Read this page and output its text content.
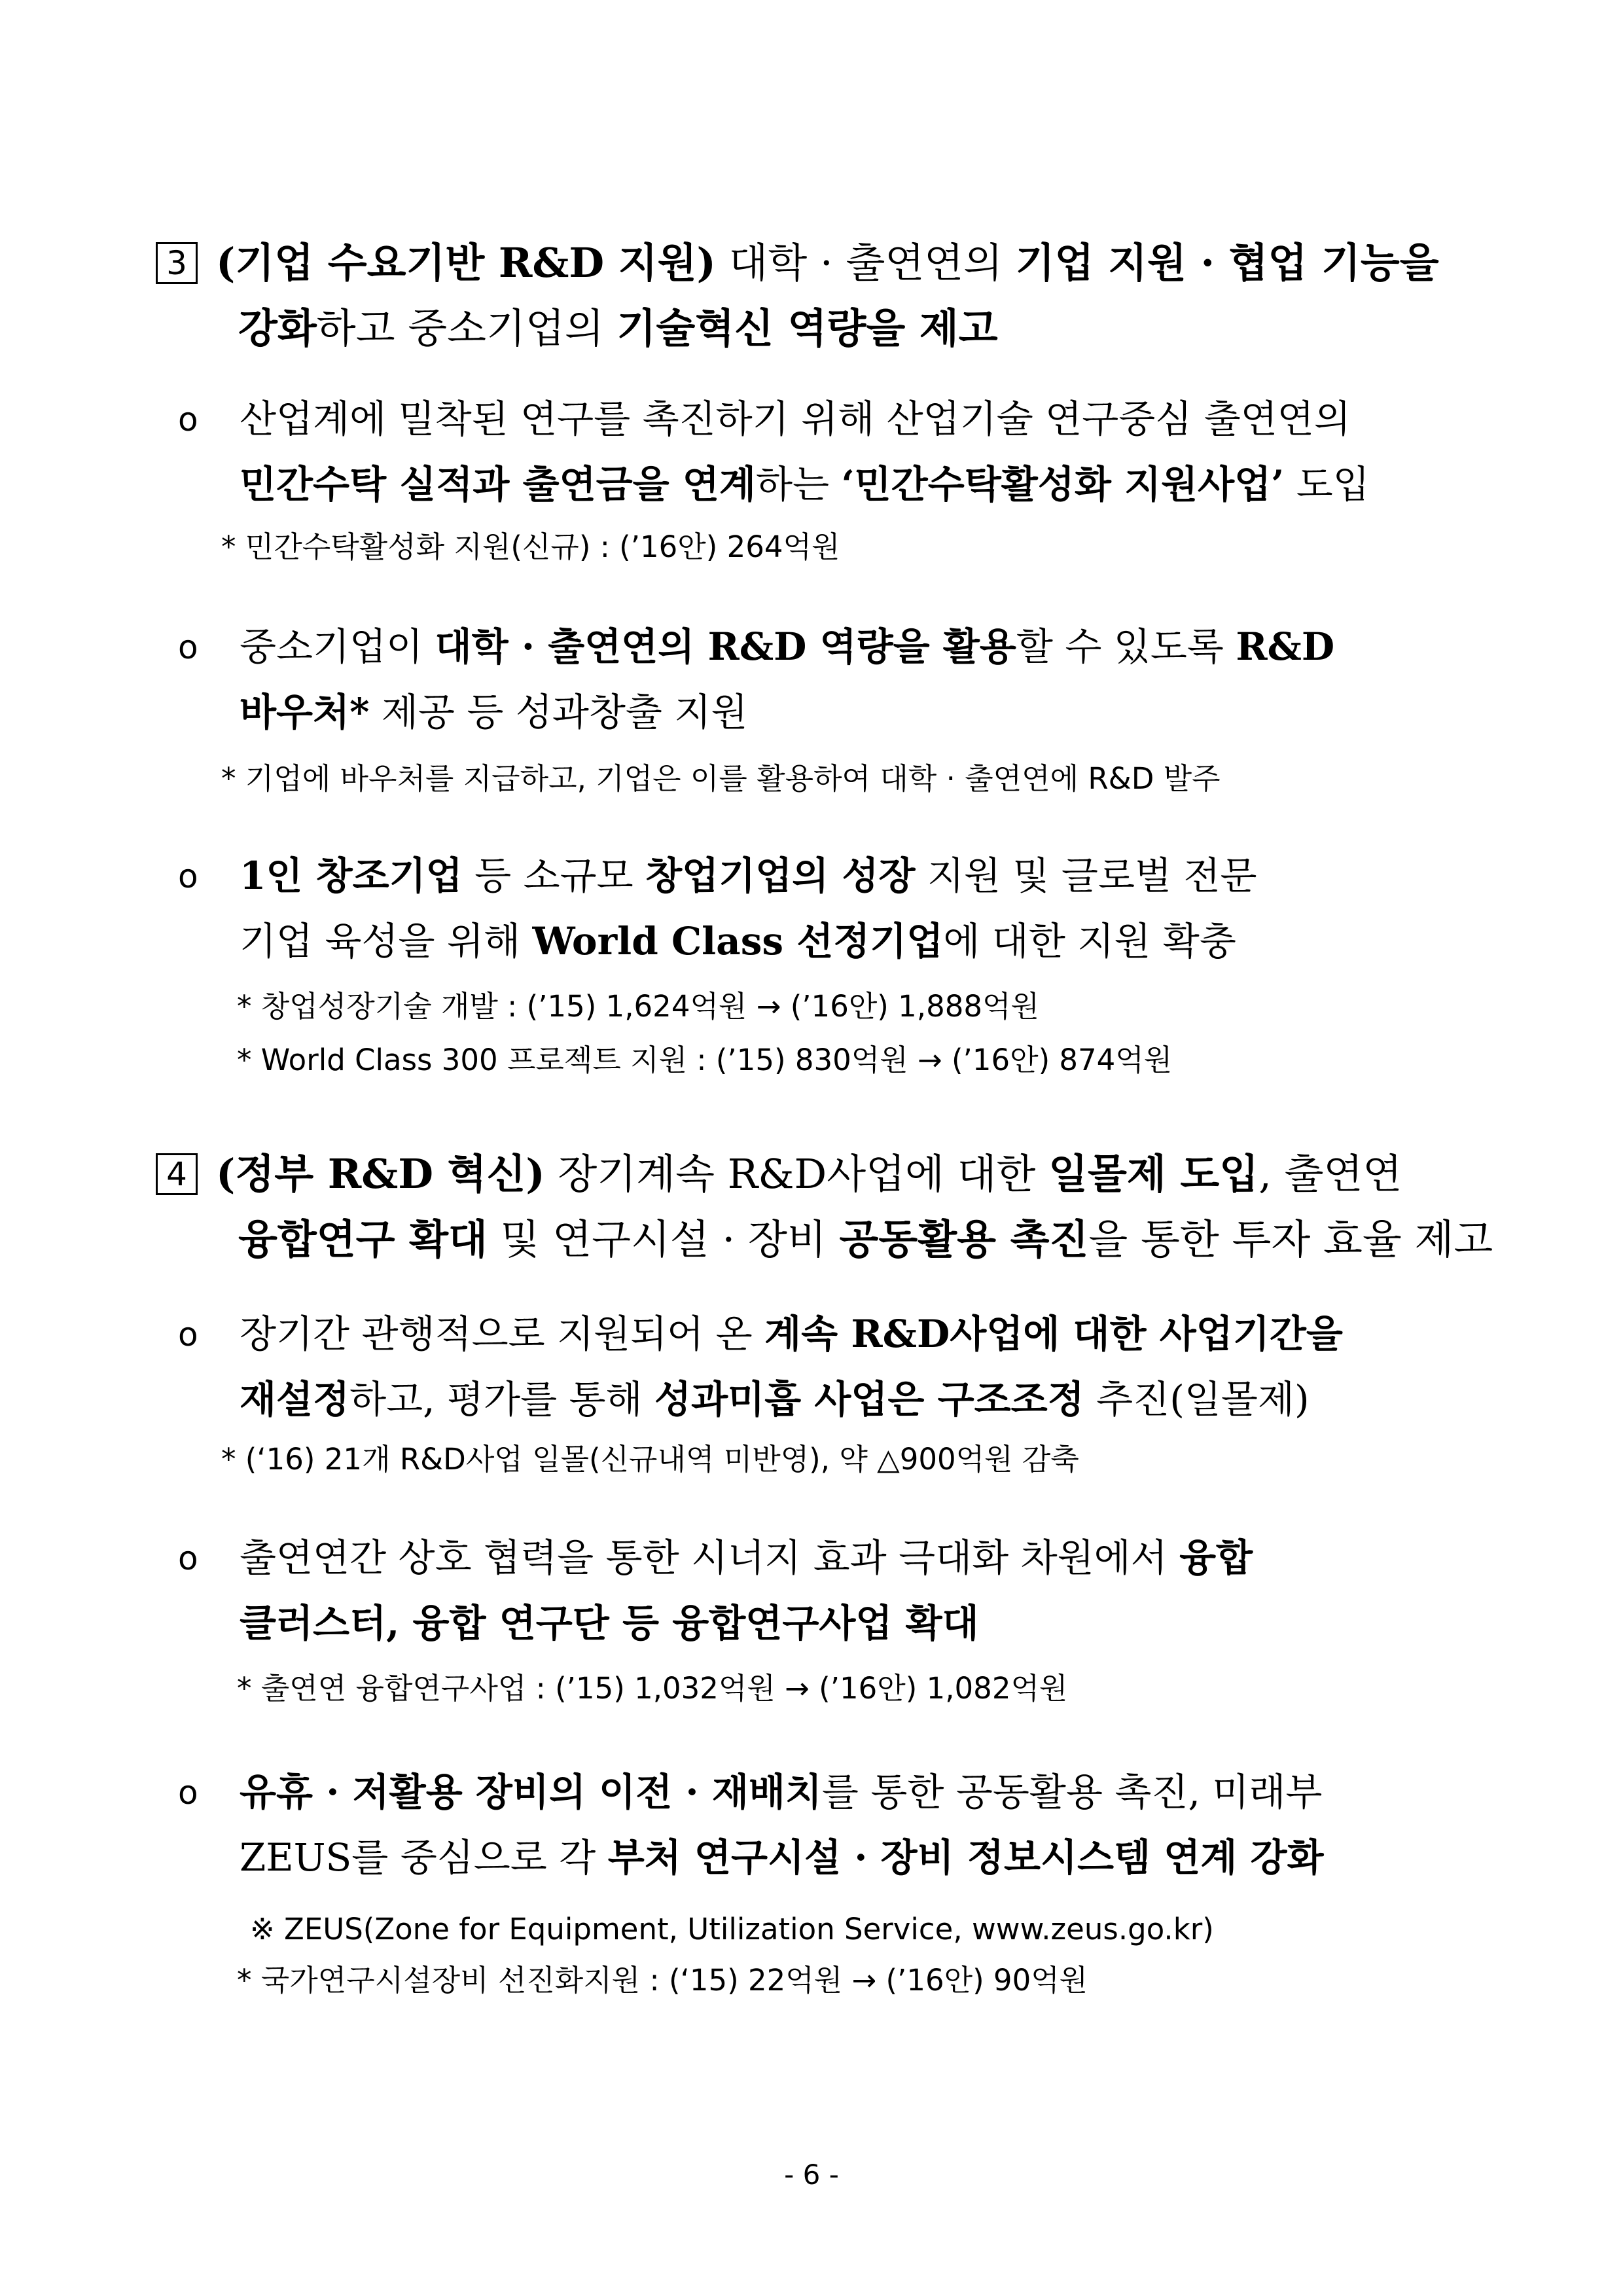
3 (기업 수요기반 R&D 지원) 대학 · 출연연의 기업 지원 · 협업 기능을
강화하고 중소기업의 기술혁신 역량을 제고
o 산업계에 밀착된 연구를 촉진하기 위해 산업기술 연구중심 출연연의
민간수탁 실적과 출연금을 연계하는 ‘민간수탁활성화 지원사업’ 도입
* 민간수탁활성화 지원(신규) : (’16안) 264억원
o 중소기업이 대학 · 출연연의 R&D 역량을 활용할 수 있도록 R&D
바우처* 제공 등 성과창출 지원
* 기업에 바우처를 지급하고, 기업은 이를 활용하여 대학 · 출연연에 R&D 발주
o 1인 창조기업 등 소규모 창업기업의 성장 지원 및 글로벌 전문
기업 육성을 위해 World Class 선정기업에 대한 지원 확충
* 창업성장기술 개발 : (’15) 1,624억원 → (’16안) 1,888억원
* World Class 300 프로젝트 지원 : (’15) 830억원 → (’16안) 874억원
4 (정부 R&D 혁신) 장기계속 R&D사업에 대한 일몰제 도입, 출연연
융합연구 확대 및 연구시설 · 장비 공동활용 촉진을 통한 투자 효율 제고
o 장기간 관행적으로 지원되어 온 계속 R&D사업에 대한 사업기간을
재설정하고, 평가를 통해 성과미흡 사업은 구조조정 추진(일몰제)
* (‘16) 21개 R&D사업 일몰(신규내역 미반영), 약 △900억원 감축
o 출연연간 상호 협력을 통한 시너지 효과 극대화 차원에서 융합
클러스터, 융합 연구단 등 융합연구사업 확대
* 출연연 융합연구사업 : (’15) 1,032억원 → (’16안) 1,082억원
o 유휴 · 저활용 장비의 이전 · 재배치를 통한 공동활용 촉진, 미래부
ZEUS를 중심으로 각 부처 연구시설 · 장비 정보시스템 연계 강화
※ ZEUS(Zone for Equipment, Utilization Service, www.zeus.go.kr)
* 국가연구시설장비 선진화지원 : (‘15) 22억원 → (’16안) 90억원
- 6 -
